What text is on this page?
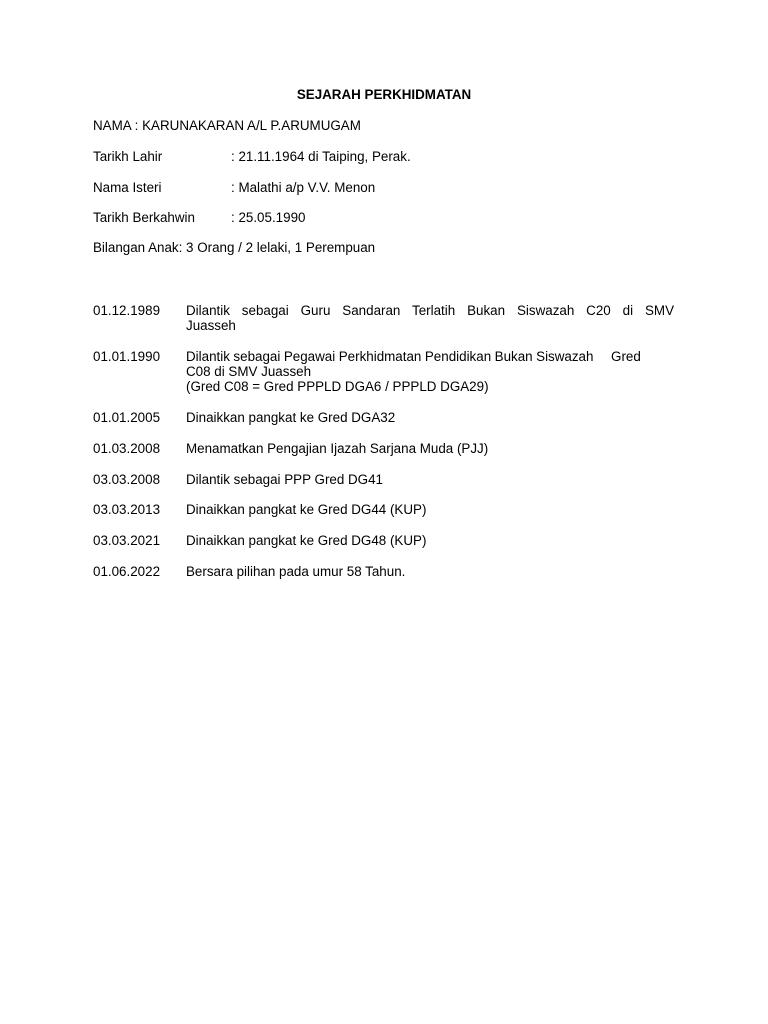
SEJARAH PERKHIDMATAN
NAMA : KARUNAKARAN A/L P.ARUMUGAM
Tarikh Lahir	: 21.11.1964 di Taiping, Perak.
Nama Isteri	: Malathi a/p V.V. Menon
Tarikh Berkahwin	: 25.05.1990
Bilangan Anak: 3 Orang / 2 lelaki, 1 Perempuan
01.12.1989	Dilantik sebagai Guru Sandaran Terlatih Bukan Siswazah C20 di SMV
Juasseh
01.01.1990	Dilantik sebagai Pegawai Perkhidmatan Pendidikan Bukan Siswazah     Gred
C08 di SMV Juasseh
(Gred C08 = Gred PPPLD DGA6 / PPPLD DGA29)
01.01.2005	Dinaikkan pangkat ke Gred DGA32
01.03.2008	Menamatkan Pengajian Ijazah Sarjana Muda (PJJ)
03.03.2008	Dilantik sebagai PPP Gred DG41
03.03.2013	Dinaikkan pangkat ke Gred DG44 (KUP)
03.03.2021	Dinaikkan pangkat ke Gred DG48 (KUP)
01.06.2022	Bersara pilihan pada umur 58 Tahun.
